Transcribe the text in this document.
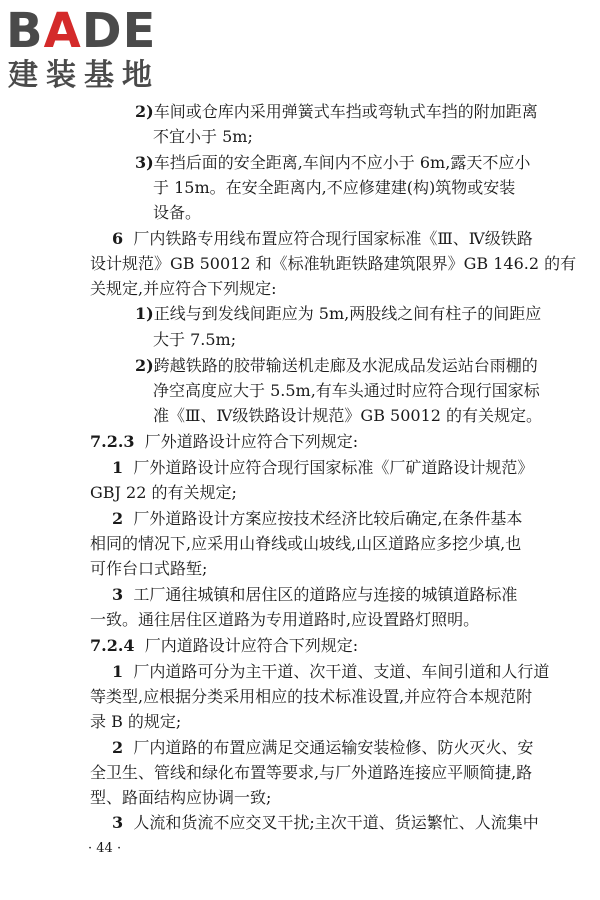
BADE
建装基地
2)车间或仓库内采用弹簧式车挡或弯轨式车挡的附加距离
不宜小于 5m;
3)车挡后面的安全距离,车间内不应小于 6m,露天不应小
于 15m。在安全距离内,不应修建建(构)筑物或安装
设备。
6 厂内铁路专用线布置应符合现行国家标准《Ⅲ、Ⅳ级铁路
设计规范》GB 50012 和《标准轨距铁路建筑限界》GB 146.2 的有
关规定,并应符合下列规定:
1)正线与到发线间距应为 5m,两股线之间有柱子的间距应
大于 7.5m;
2)跨越铁路的胶带输送机走廊及水泥成品发运站台雨棚的
净空高度应大于 5.5m,有车头通过时应符合现行国家标
准《Ⅲ、Ⅳ级铁路设计规范》GB 50012 的有关规定。
7.2.3 厂外道路设计应符合下列规定:
1 厂外道路设计应符合现行国家标准《厂矿道路设计规范》
GBJ 22 的有关规定;
2 厂外道路设计方案应按技术经济比较后确定,在条件基本
相同的情况下,应采用山脊线或山坡线,山区道路应多挖少填,也
可作台口式路堑;
3 工厂通往城镇和居住区的道路应与连接的城镇道路标准
一致。通往居住区道路为专用道路时,应设置路灯照明。
7.2.4 厂内道路设计应符合下列规定:
1 厂内道路可分为主干道、次干道、支道、车间引道和人行道
等类型,应根据分类采用相应的技术标准设置,并应符合本规范附
录 B 的规定;
2 厂内道路的布置应满足交通运输安装检修、防火灭火、安
全卫生、管线和绿化布置等要求,与厂外道路连接应平顺简捷,路
型、路面结构应协调一致;
3 人流和货流不应交叉干扰;主次干道、货运繁忙、人流集中
· 44 ·
